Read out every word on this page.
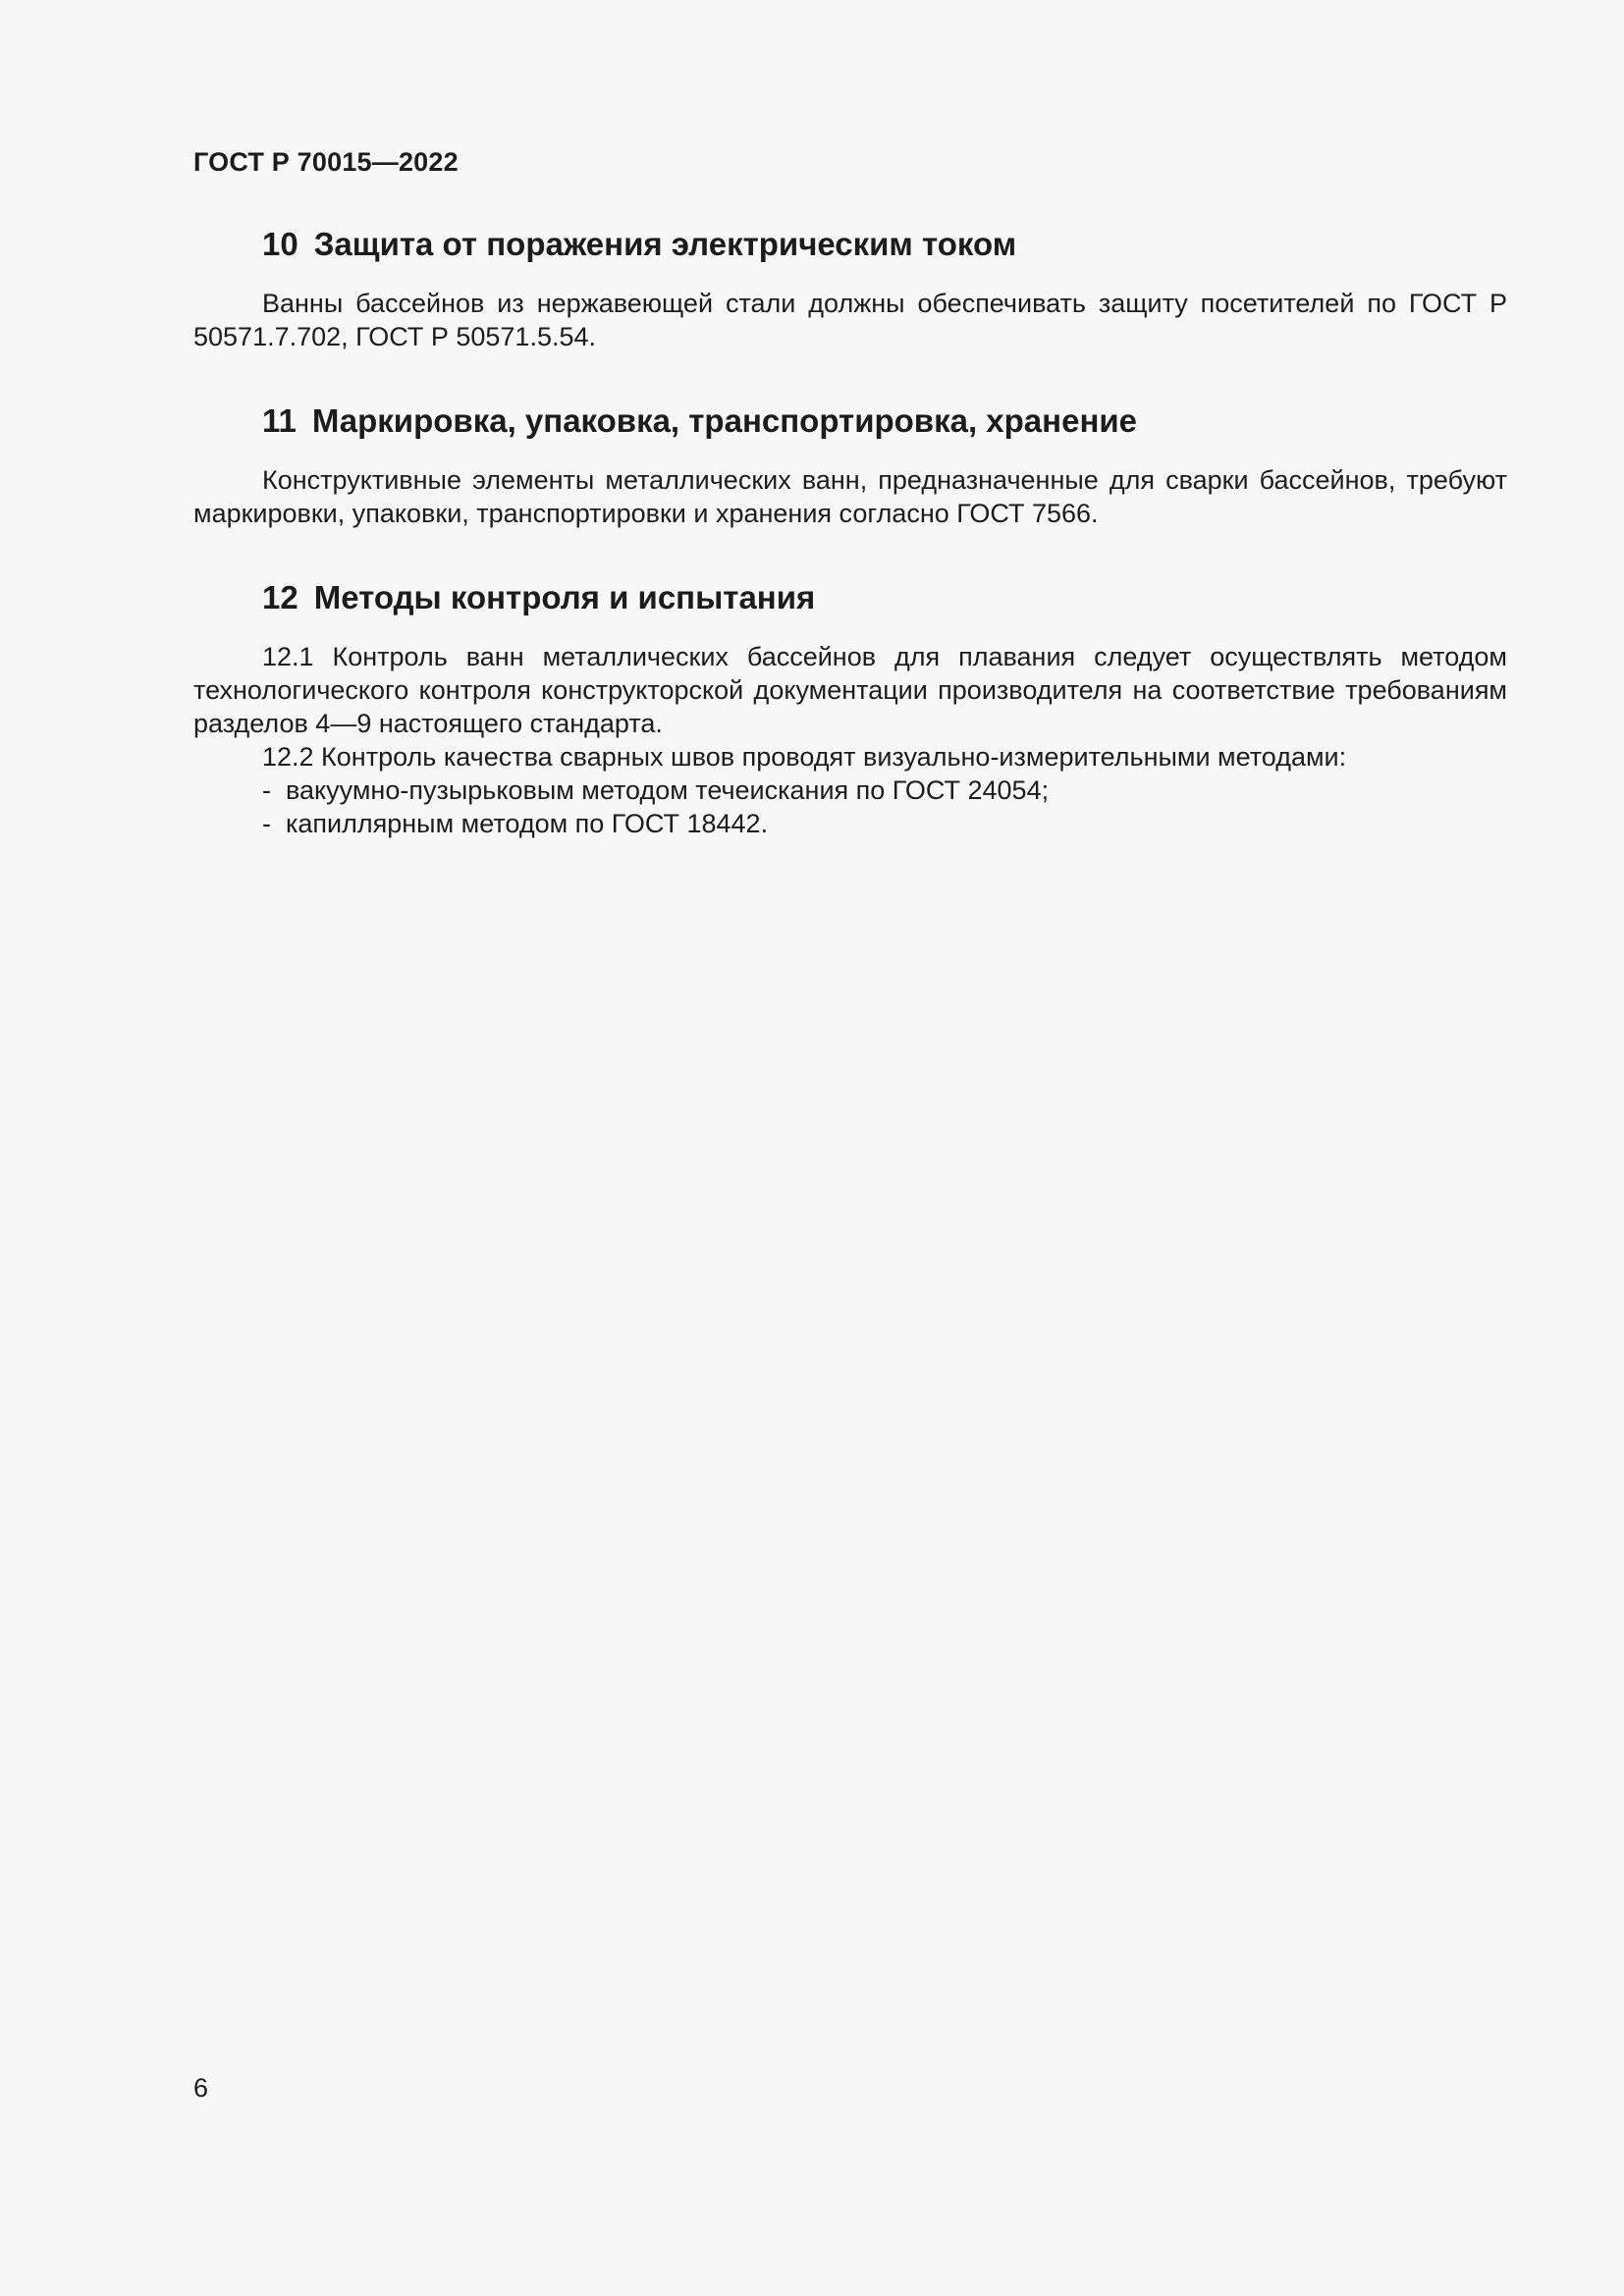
ГОСТ Р 70015—2022
10 Защита от поражения электрическим током

Ванны бассейнов из нержавеющей стали должны обеспечивать защиту посетителей по ГОСТ Р 50571.7.702, ГОСТ Р 50571.5.54.

11 Маркировка, упаковка, транспортировка, хранение

Конструктивные элементы металлических ванн, предназначенные для сварки бассейнов, требуют маркировки, упаковки, транспортировки и хранения согласно ГОСТ 7566.

12 Методы контроля и испытания

12.1 Контроль ванн металлических бассейнов для плавания следует осуществлять методом технологического контроля конструкторской документации производителя на соответствие требованиям разделов 4—9 настоящего стандарта.

12.2 Контроль качества сварных швов проводят визуально-измерительными методами:

- вакуумно-пузырьковым методом течеискания по ГОСТ 24054;
- капиллярным методом по ГОСТ 18442.
6
